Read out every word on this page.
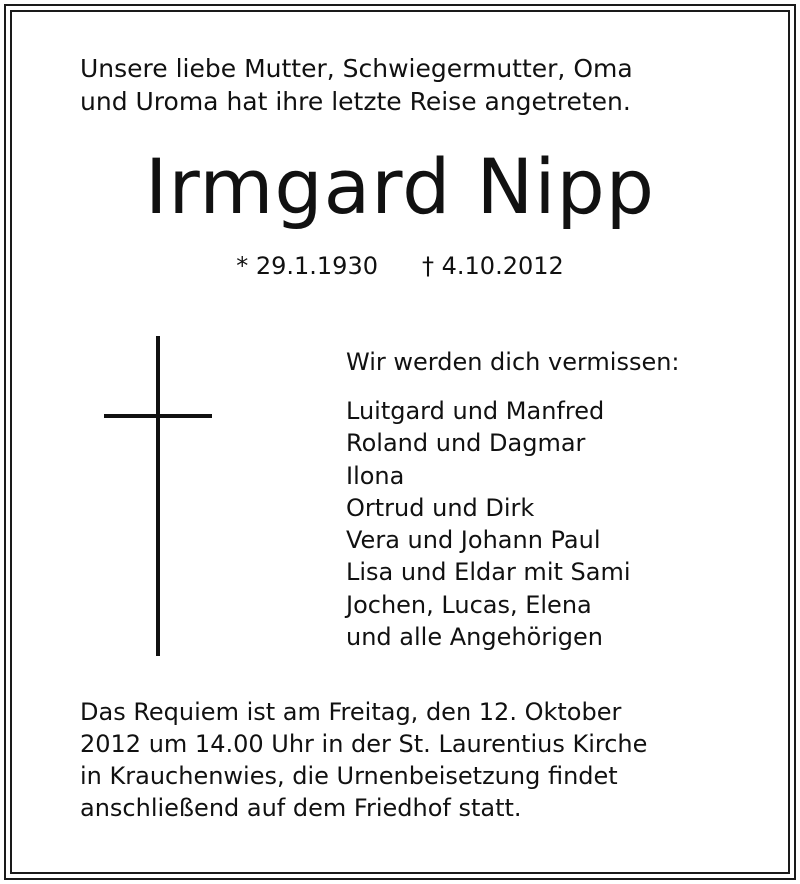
Unsere liebe Mutter, Schwiegermutter, Oma
und Uroma hat ihre letzte Reise angetreten.

Irmgard Nipp
* 29.1.1930 † 4.10.2012
Wir werden dich vermissen:
Luitgard und Manfred
Roland und Dagmar
Ilona
Ortrud und Dirk
Vera und Johann Paul
Lisa und Eldar mit Sami
Jochen, Lucas, Elena
und alle Angehörigen

Das Requiem ist am Freitag, den 12. Oktober
2012 um 14.00 Uhr in der St. Laurentius Kirche
in Krauchenwies, die Urnenbeisetzung findet
anschließend auf dem Friedhof statt.
